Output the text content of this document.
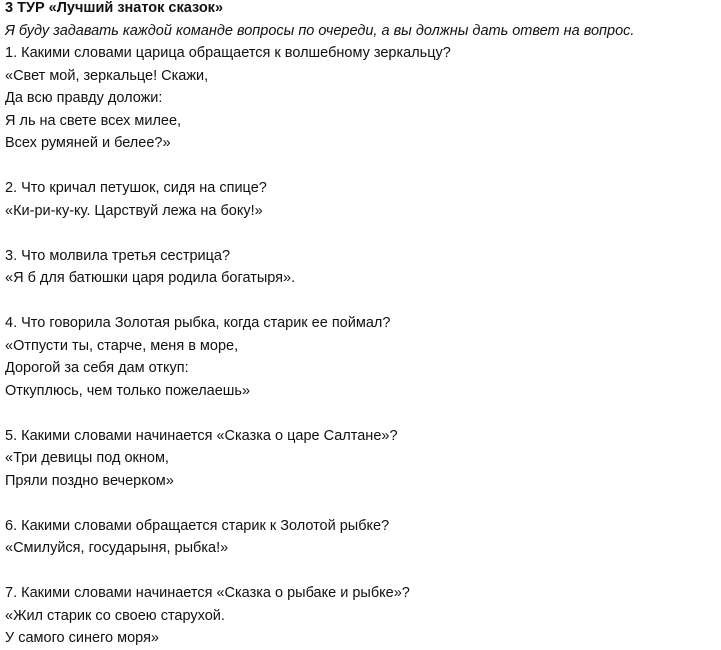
3 ТУР «Лучший знаток сказок»

Я буду задавать каждой команде вопросы по очереди, а вы должны дать ответ на вопрос.

1. Какими словами царица обращается к волшебному зеркальцу?

«Свет мой, зеркальце! Скажи,

Да всю правду доложи:

Я ль на свете всех милее,

Всех румяней и белее?»

2. Что кричал петушок, сидя на спице?

«Ки-ри-ку-ку. Царствуй лежа на боку!»

3. Что молвила третья сестрица?

«Я б для батюшки царя родила богатыря».

4. Что говорила Золотая рыбка, когда старик ее поймал?

«Отпусти ты, старче, меня в море,

Дорогой за себя дам откуп:

Откуплюсь, чем только пожелаешь»

5. Какими словами начинается «Сказка о царе Салтане»?

«Три девицы под окном,

Пряли поздно вечерком»

6. Какими словами обращается старик к Золотой рыбке?

«Смилуйся, государыня, рыбка!»

7. Какими словами начинается «Сказка о рыбаке и рыбке»?

«Жил старик со своею старухой.

У самого синего моря»
